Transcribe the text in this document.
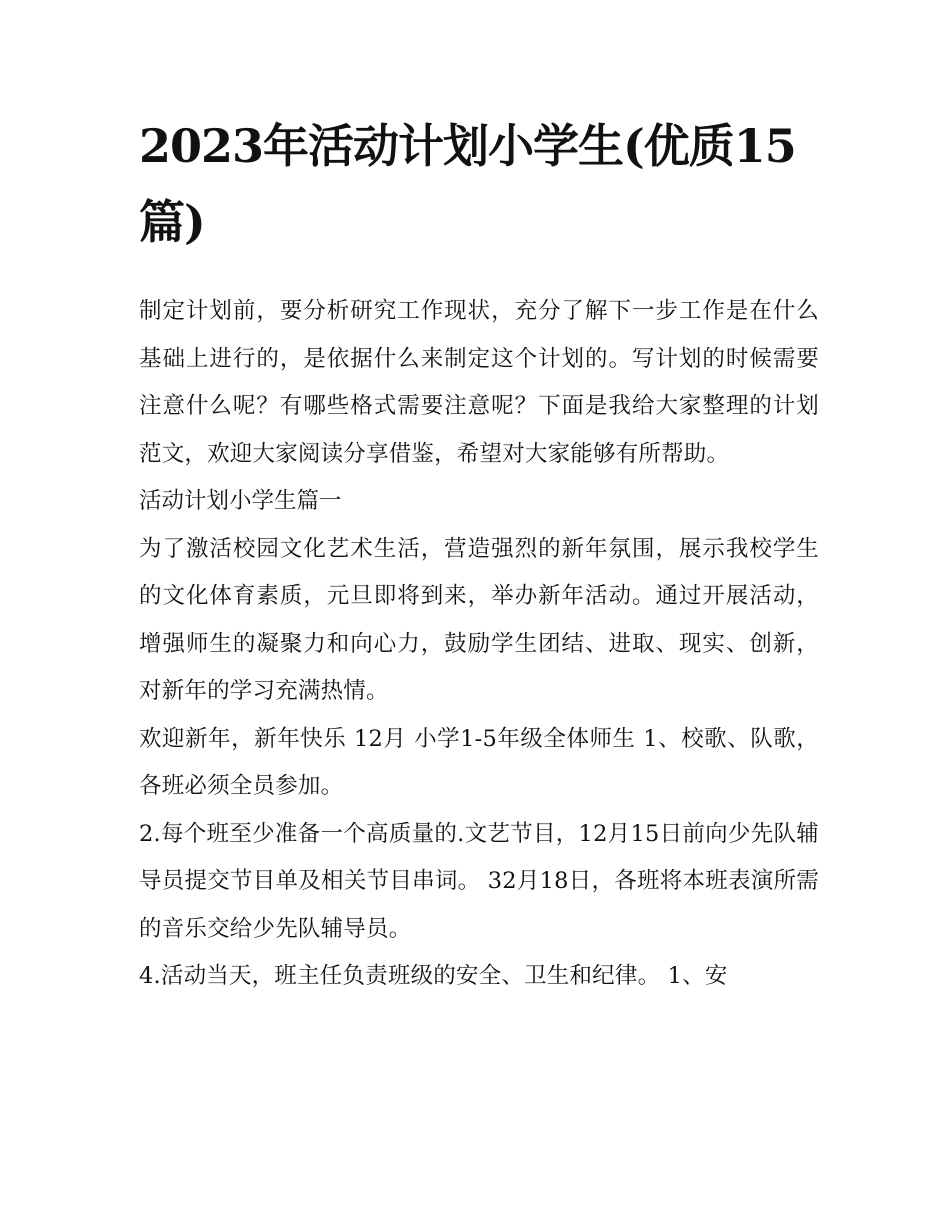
2023年活动计划小学生(优质15篇)

制定计划前，要分析研究工作现状，充分了解下一步工作是在什么基础上进行的，是依据什么来制定这个计划的。写计划的时候需要注意什么呢？有哪些格式需要注意呢？下面是我给大家整理的计划范文，欢迎大家阅读分享借鉴，希望对大家能够有所帮助。

活动计划小学生篇一

为了激活校园文化艺术生活，营造强烈的新年氛围，展示我校学生的文化体育素质，元旦即将到来，举办新年活动。通过开展活动，增强师生的凝聚力和向心力，鼓励学生团结、进取、现实、创新，对新年的学习充满热情。

欢迎新年，新年快乐 12月 小学1-5年级全体师生 1、校歌、队歌，各班必须全员参加。

2.每个班至少准备一个高质量的.文艺节目，12月15日前向少先队辅导员提交节目单及相关节目串词。 32月18日，各班将本班表演所需的音乐交给少先队辅导员。
4.活动当天，班主任负责班级的安全、卫生和纪律。 1、安
